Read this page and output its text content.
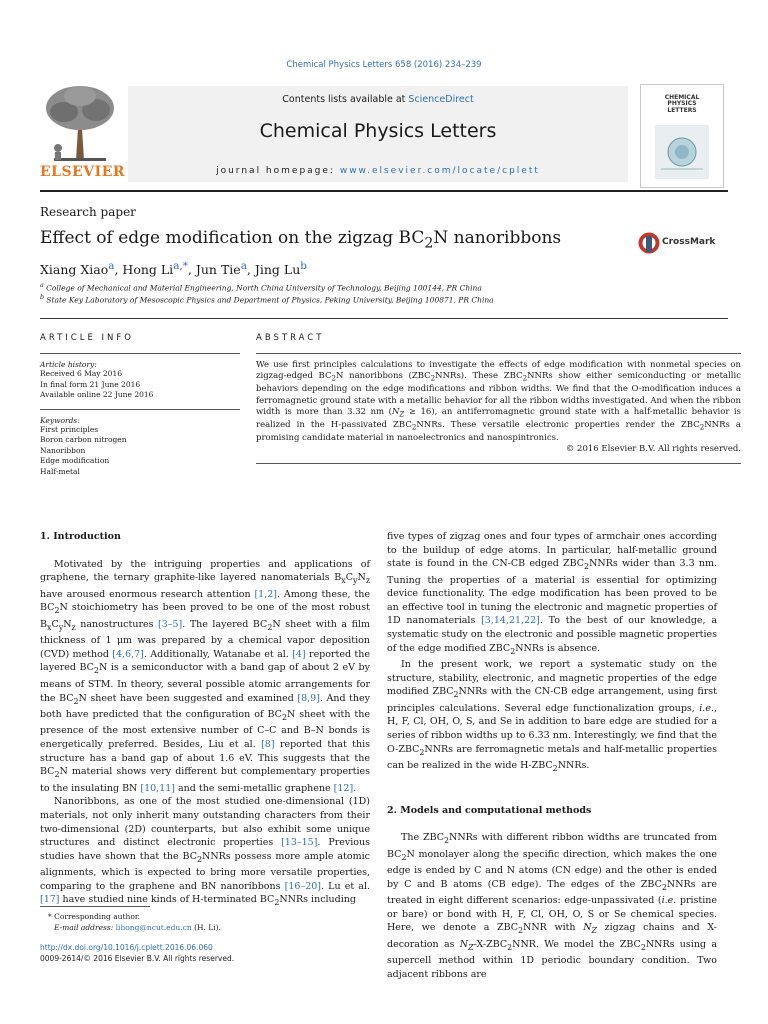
Chemical Physics Letters 658 (2016) 234–239
ELSEVIER
Contents lists available at ScienceDirect
Chemical Physics Letters
journal homepage: www.elsevier.com/locate/cplett
CHEMICAL
PHYSICS
LETTERS
Research paper
Effect of edge modification on the zigzag $BC_2N$ nanoribbons	CrossMark
Xiang Xiao$^a$, Hong $Li^{a,*}$, Jun Tie$^a$, Jing Lu$^b$
$^a$ College of Mechanical and Material Engineering, North China University of Technology, Beijing 100144, PR China
$^b$ State Key Laboratory of Mesoscopic Physics and Department of Physics, Peking University, Beijing 100871, PR China
ARTICLE INFO
Article history:
Received 6 May 2016
In final form 21 June 2016
Available online 22 June 2016
Keywords:
First principles
Boron carbon nitrogen
Nanoribbon
Edge modification
Half-metal
ABSTRACT
We use first principles calculations to investigate the effects of edge modification with nonmetal species on zigzag-edged $BC_2N$ nanoribbons $(ZBC_2NNRs)$. These $ZBC_2NNRs$ show either semiconducting or metallic behaviors depending on the edge modifications and ribbon widths. We find that the O-modification induces a ferromagnetic ground state with a metallic behavior for all the ribbon widths investigated. And when the ribbon width is more than 3.32 nm $(N_Z \ge 16)$, an antiferromagnetic ground state with a half-metallic behavior is realized in the H-passivated $ZBC_2NNRs$. These versatile electronic properties render the $ZBC_2NNRs$ a promising candidate material in nanoelectronics and nanospintronics.
© 2016 Elsevier B.V. All rights reserved.
1. Introduction

Motivated by the intriguing properties and applications of graphene, the ternary graphite-like layered nanomaterials $B_xC_yN_z$ have aroused enormous research attention [1,2]. Among these, the $BC_2N$ stoichiometry has been proved to be one of the most robust $B_xC_yN_z$ nanostructures [3–5]. The layered $BC_2N$ sheet with a film thickness of 1 μm was prepared by a chemical vapor deposition (CVD) method [4,6,7]. Additionally, Watanabe et al. [4] reported the layered $BC_2N$ is a semiconductor with a band gap of about 2 eV by means of STM. In theory, several possible atomic arrangements for the $BC_2N$ sheet have been suggested and examined [8,9]. And they both have predicted that the configuration of $BC_2N$ sheet with the presence of the most extensive number of C–C and B–N bonds is energetically preferred. Besides, Liu et al. [8] reported that this structure has a band gap of about 1.6 eV. This suggests that the $BC_2N$ material shows very different but complementary properties to the insulating BN [10,11] and the semi-metallic graphene [12].

Nanoribbons, as one of the most studied one-dimensional (1D) materials, not only inherit many outstanding characters from their two-dimensional (2D) counterparts, but also exhibit some unique structures and distinct electronic properties [13–15]. Previous studies have shown that the $BC_2NNRs$ possess more ample atomic alignments, which is expected to bring more versatile properties, comparing to the graphene and BN nanoribbons [16–20]. Lu et al. [17] have studied nine kinds of H-terminated $BC_2NNRs$ including

five types of zigzag ones and four types of armchair ones according to the buildup of edge atoms. In particular, half-metallic ground state is found in the CN-CB edged $ZBC_2NNRs$ wider than 3.3 nm. Tuning the properties of a material is essential for optimizing device functionality. The edge modification has been proved to be an effective tool in tuning the electronic and magnetic properties of 1D nanomaterials [3,14,21,22]. To the best of our knowledge, a systematic study on the electronic and possible magnetic properties of the edge modified $ZBC_2NNRs$ is absence.

In the present work, we report a systematic study on the structure, stability, electronic, and magnetic properties of the edge modified $ZBC_2NNRs$ with the CN-CB edge arrangement, using first principles calculations. Several edge functionalization groups, i.e., H, F, Cl, OH, O, S, and Se in addition to bare edge are studied for a series of ribbon widths up to 6.33 nm. Interestingly, we find that the $O-ZBC_2NNRs$ are ferromagnetic metals and half-metallic properties can be realized in the wide $H-ZBC_2NNRs$.

2. Models and computational methods

The $ZBC_2NNRs$ with different ribbon widths are truncated from $BC_2N$ monolayer along the specific direction, which makes the one edge is ended by C and N atoms (CN edge) and the other is ended by C and B atoms (CB edge). The edges of the $ZBC_2NNRs$ are treated in eight different scenarios: edge-unpassivated (i.e. pristine or bare) or bond with H, F, Cl, OH, O, S or Se chemical species. Here, we denote a $ZBC_2NNR$ with $N_Z$ zigzag chains and X-decoration as $N_Z-X-ZBC_2NNR$. We model the $ZBC_2NNRs$ using a supercell method within 1D periodic boundary condition. Two adjacent ribbons are

* Corresponding author.
E-mail address: lihong@ncut.edu.cn (H. Li).
http://dx.doi.org/10.1016/j.cplett.2016.06.060
0009-2614/© 2016 Elsevier B.V. All rights reserved.
